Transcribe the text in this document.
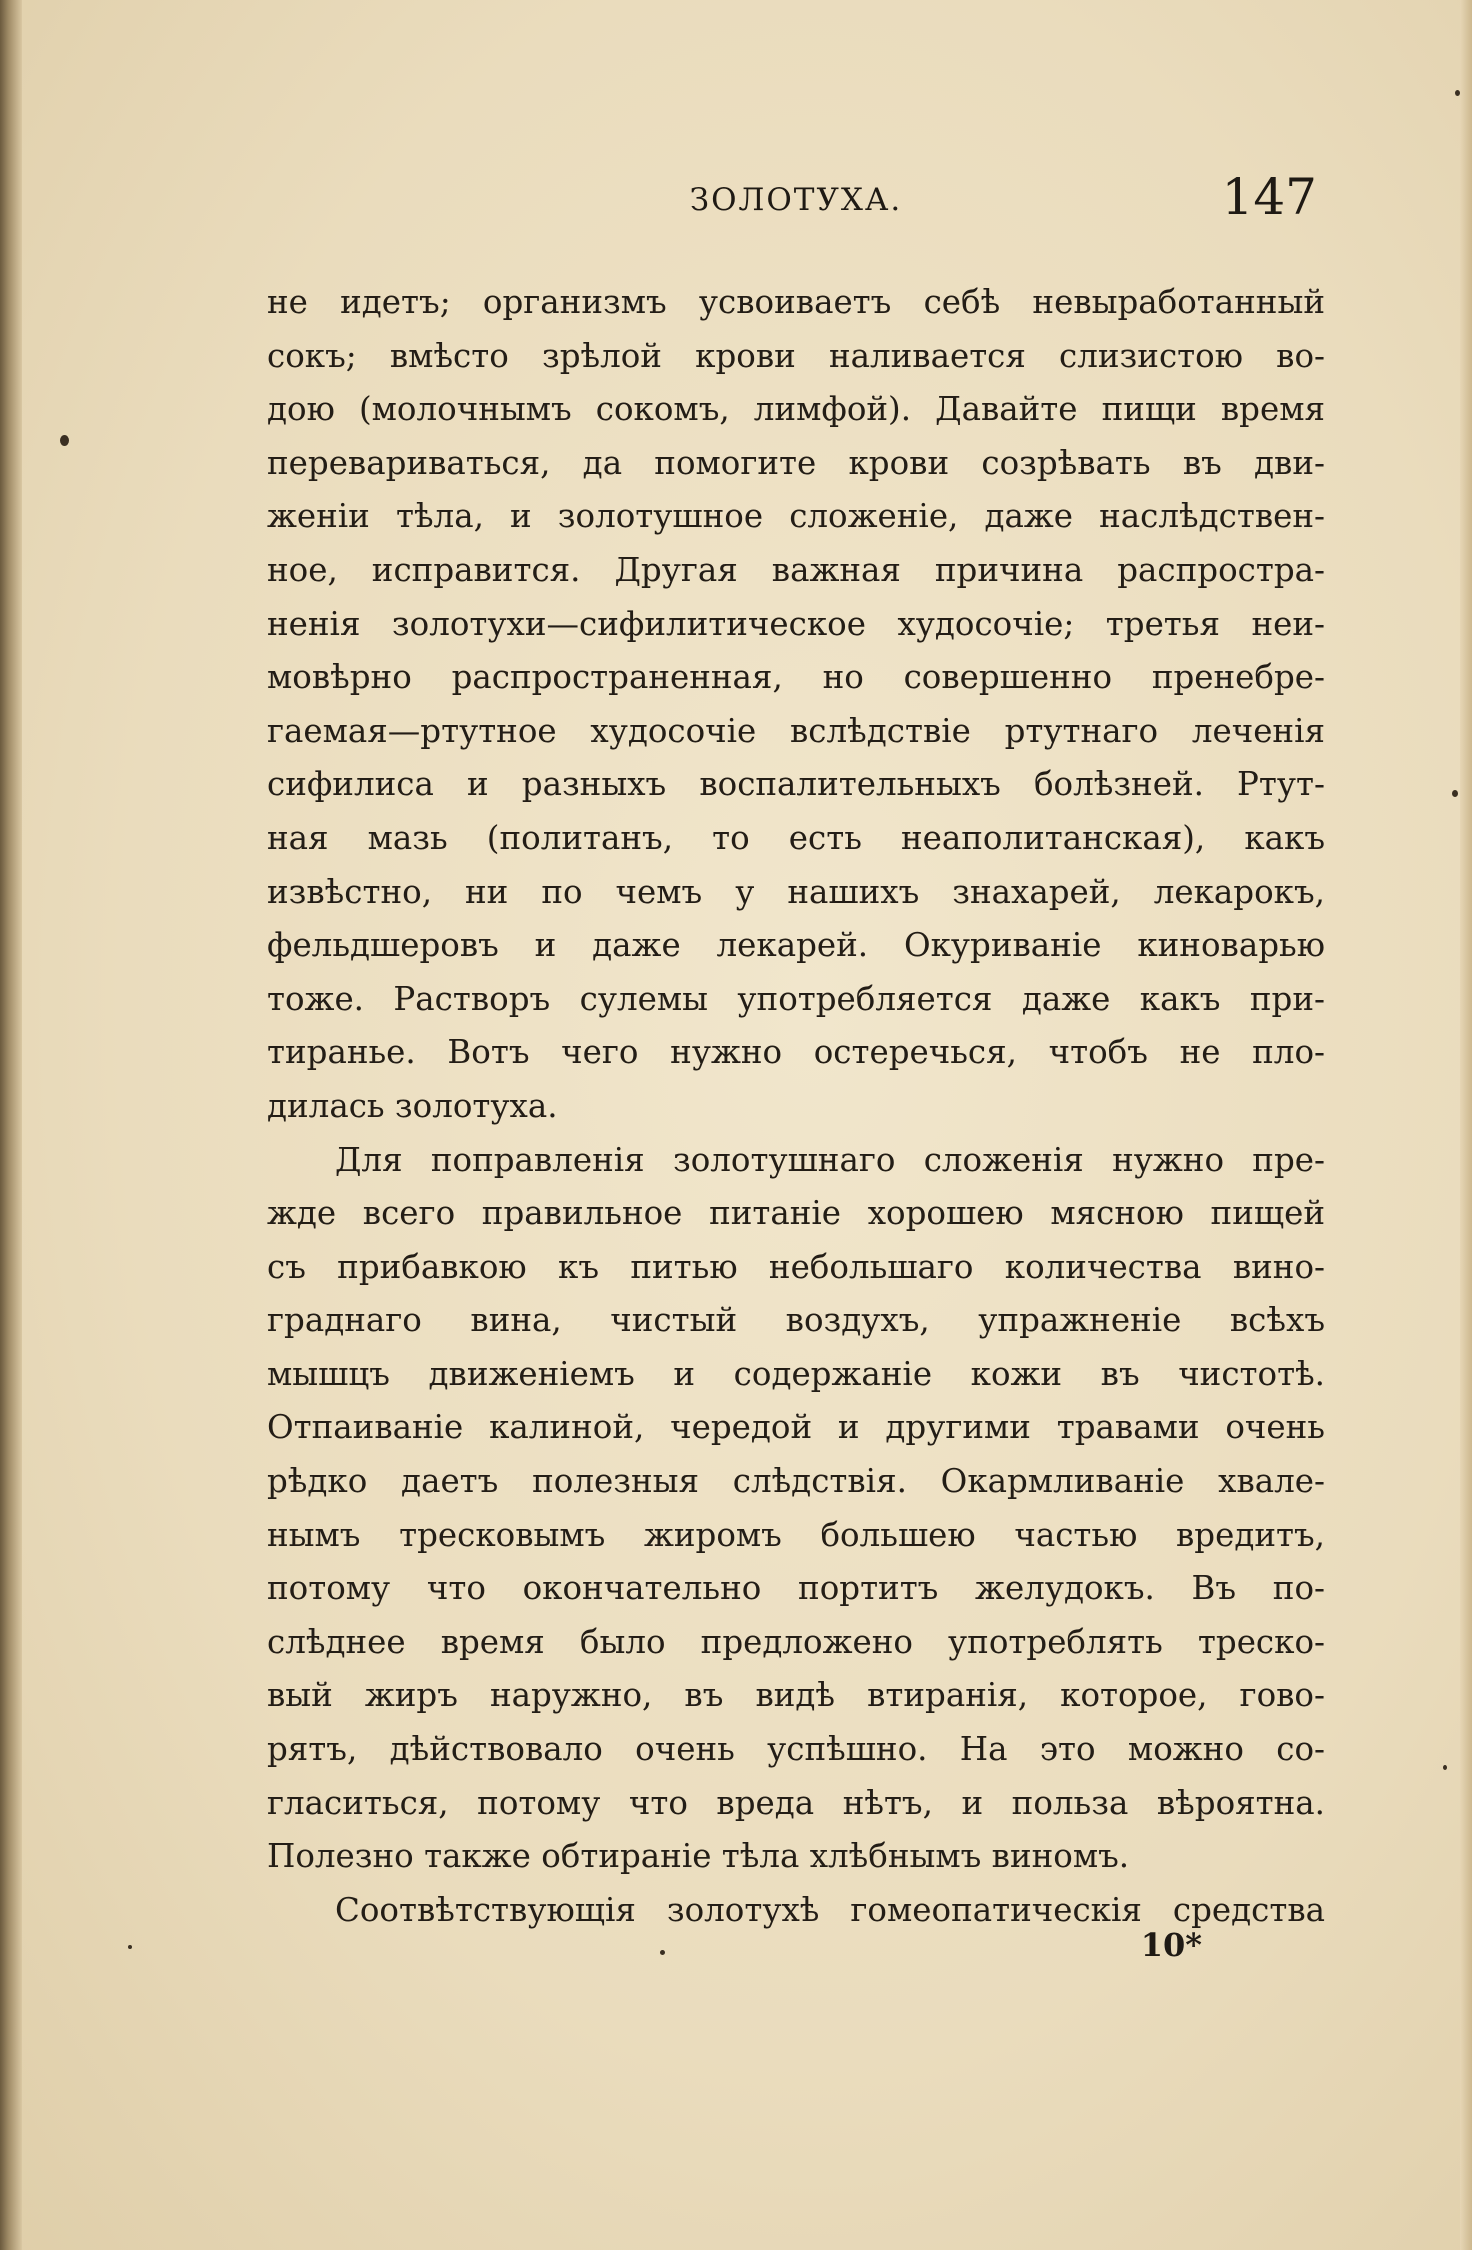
ЗОЛОТУХА.	147
не идетъ; организмъ усвоиваетъ себѣ невыработанный
сокъ; вмѣсто зрѣлой крови наливается слизистою во-
дою (молочнымъ сокомъ, лимфой). Давайте пищи время
перевариваться, да помогите крови созрѣвать въ дви-
женіи тѣла, и золотушное сложеніе, даже наслѣдствен-
ное, исправится. Другая важная причина распростра-
ненія золотухи—сифилитическое худосочіе; третья неи-
мовѣрно распространенная, но совершенно пренебре-
гаемая—ртутное худосочіе вслѣдствіе ртутнаго леченія
сифилиса и разныхъ воспалительныхъ болѣзней. Ртут-
ная мазь (политанъ, то есть неаполитанская), какъ
извѣстно, ни по чемъ у нашихъ знахарей, лекарокъ,
фельдшеровъ и даже лекарей. Окуриваніе киноварью
тоже. Растворъ сулемы употребляется даже какъ при-
тиранье. Вотъ чего нужно остеречься, чтобъ не пло-
дилась золотуха.
Для поправленія золотушнаго сложенія нужно пре-
жде всего правильное питаніе хорошею мясною пищей
съ прибавкою къ питью небольшаго количества вино-
граднаго вина, чистый воздухъ, упражненіе всѣхъ
мышцъ движеніемъ и содержаніе кожи въ чистотѣ.
Отпаиваніе калиной, чередой и другими травами очень
рѣдко даетъ полезныя слѣдствія. Окармливаніе хвале-
нымъ тресковымъ жиромъ большею частью вредитъ,
потому что окончательно портитъ желудокъ. Въ по-
слѣднее время было предложено употреблять треско-
вый жиръ наружно, въ видѣ втиранія, которое, гово-
рятъ, дѣйствовало очень успѣшно. На это можно со-
гласиться, потому что вреда нѣтъ, и польза вѣроятна.
Полезно также обтираніе тѣла хлѣбнымъ виномъ.
Соотвѣтствующія золотухѣ гомеопатическія средства
10*
